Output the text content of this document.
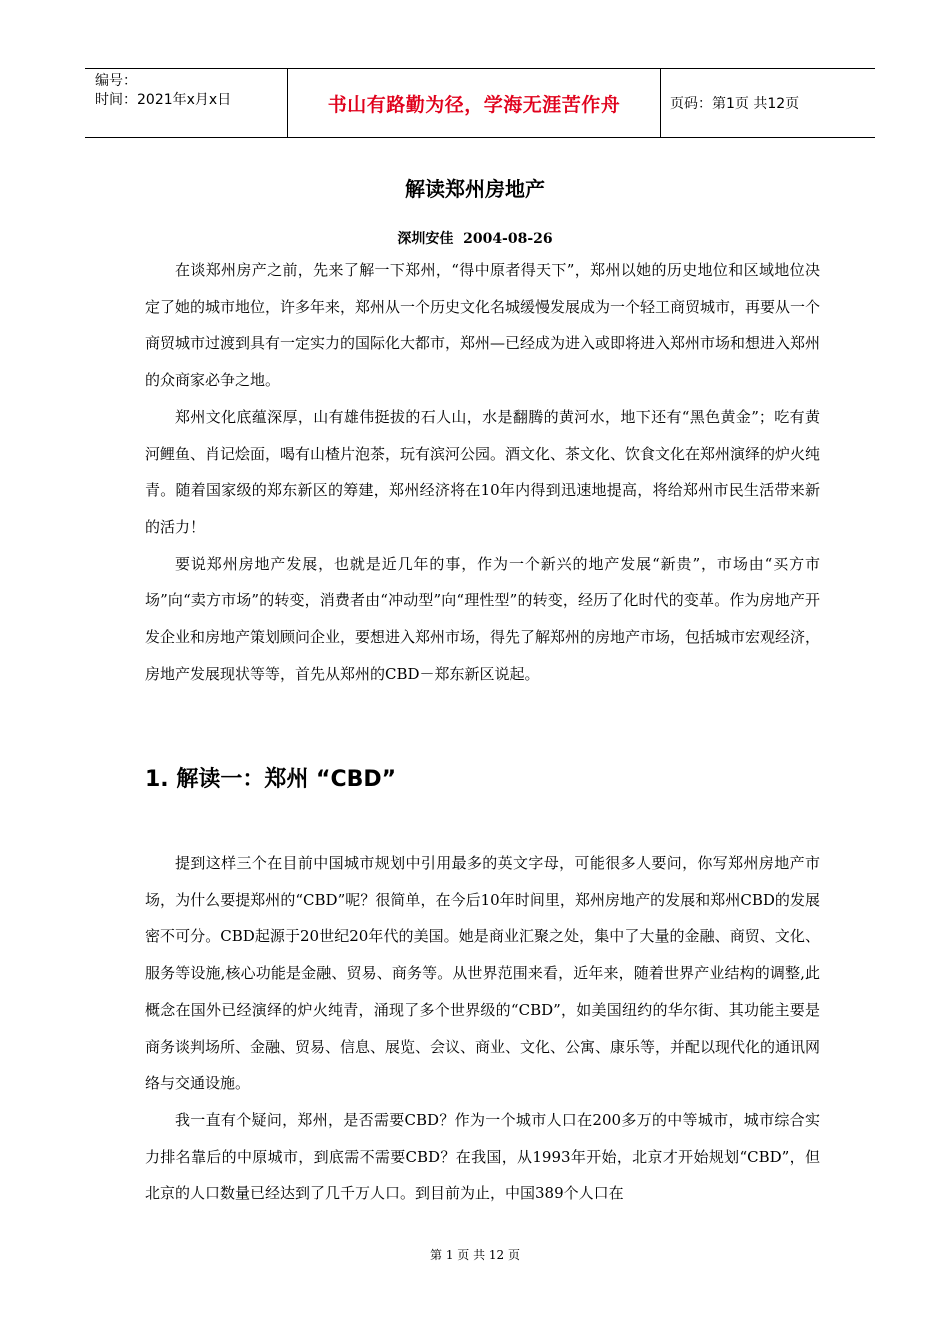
编号：
时间：2021年x月x日	书山有路勤为径，学海无涯苦作舟	页码：第1页 共12页
解读郑州房地产
深圳安佳  2004-08-26

在谈郑州房产之前，先来了解一下郑州，“得中原者得天下”，郑州以她的历史地位和区域地位决定了她的城市地位，许多年来，郑州从一个历史文化名城缓慢发展成为一个轻工商贸城市，再要从一个商贸城市过渡到具有一定实力的国际化大都市，郑州—已经成为进入或即将进入郑州市场和想进入郑州的众商家必争之地。

郑州文化底蕴深厚，山有雄伟挺拔的石人山，水是翻腾的黄河水，地下还有“黑色黄金”；吃有黄河鲤鱼、肖记烩面，喝有山楂片泡茶，玩有滨河公园。酒文化、茶文化、饮食文化在郑州演绎的炉火纯青。随着国家级的郑东新区的筹建，郑州经济将在10年内得到迅速地提高，将给郑州市民生活带来新的活力！

要说郑州房地产发展，也就是近几年的事，作为一个新兴的地产发展“新贵”，市场由“买方市场”向“卖方市场”的转变，消费者由“冲动型”向“理性型”的转变，经历了化时代的变革。作为房地产开发企业和房地产策划顾问企业，要想进入郑州市场，得先了解郑州的房地产市场，包括城市宏观经济，房地产发展现状等等，首先从郑州的CBD－郑东新区说起。

1. 解读一：郑州 “CBD”

提到这样三个在目前中国城市规划中引用最多的英文字母，可能很多人要问，你写郑州房地产市场，为什么要提郑州的“CBD”呢？很简单，在今后10年时间里，郑州房地产的发展和郑州CBD的发展密不可分。CBD起源于20世纪20年代的美国。她是商业汇聚之处，集中了大量的金融、商贸、文化、服务等设施,核心功能是金融、贸易、商务等。从世界范围来看，近年来，随着世界产业结构的调整,此概念在国外已经演绎的炉火纯青，涌现了多个世界级的“CBD”，如美国纽约的华尔街、其功能主要是商务谈判场所、金融、贸易、信息、展览、会议、商业、文化、公寓、康乐等，并配以现代化的通讯网络与交通设施。

我一直有个疑问，郑州，是否需要CBD？作为一个城市人口在200多万的中等城市，城市综合实力排名靠后的中原城市，到底需不需要CBD？在我国，从1993年开始，北京才开始规划“CBD”，但北京的人口数量已经达到了几千万人口。到目前为止，中国389个人口在

第 1 页 共 12 页
